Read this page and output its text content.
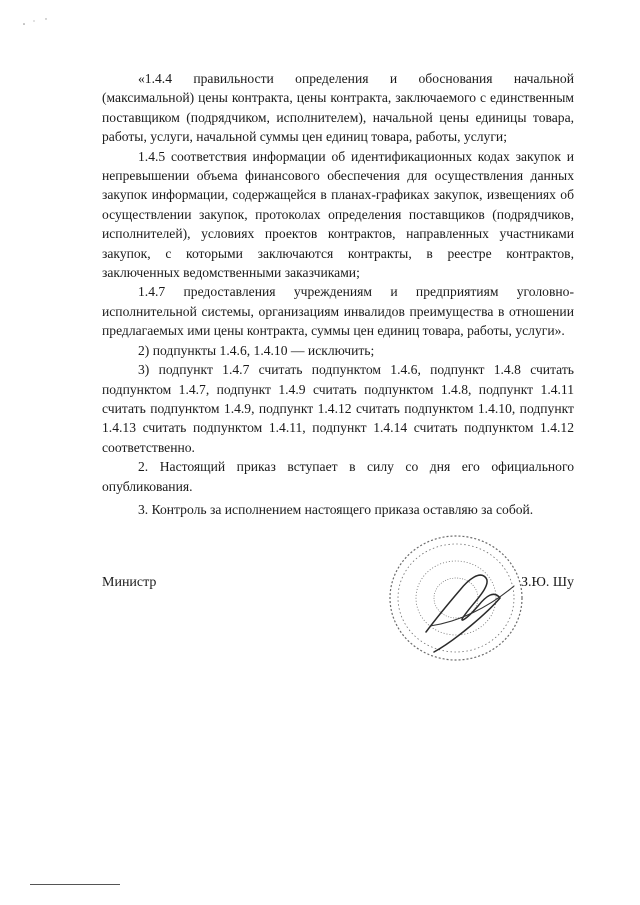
«1.4.4 правильности определения и обоснования начальной (максимальной) цены контракта, цены контракта, заключаемого с единственным поставщиком (подрядчиком, исполнителем), начальной цены единицы товара, работы, услуги, начальной суммы цен единиц товара, работы, услуги;

1.4.5 соответствия информации об идентификационных кодах закупок и непревышении объема финансового обеспечения для осуществления данных закупок информации, содержащейся в планах-графиках закупок, извещениях об осуществлении закупок, протоколах определения поставщиков (подрядчиков, исполнителей), условиях проектов контрактов, направленных участниками закупок, с которыми заключаются контракты, в реестре контрактов, заключенных ведомственными заказчиками;

1.4.7 предоставления учреждениям и предприятиям уголовно-исполнительной системы, организациям инвалидов преимущества в отношении предлагаемых ими цены контракта, суммы цен единиц товара, работы, услуги».

2) подпункты 1.4.6, 1.4.10 — исключить;

3) подпункт 1.4.7 считать подпунктом 1.4.6, подпункт 1.4.8 считать подпунктом 1.4.7, подпункт 1.4.9 считать подпунктом 1.4.8, подпункт 1.4.11 считать подпунктом 1.4.9, подпункт 1.4.12 считать подпунктом 1.4.10, подпункт 1.4.13 считать подпунктом 1.4.11, подпункт 1.4.14 считать подпунктом 1.4.12 соответственно.

2. Настоящий приказ вступает в силу со дня его официального опубликования.

3. Контроль за исполнением настоящего приказа оставляю за собой.

Министр	З.Ю. Шу
